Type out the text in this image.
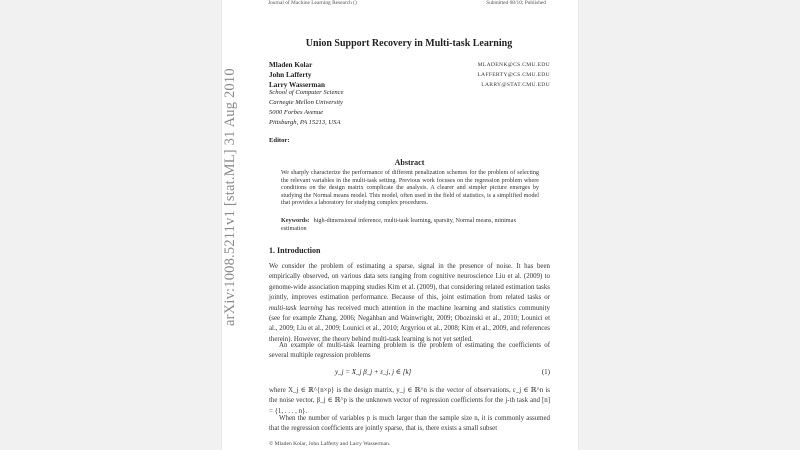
Journal of Machine Learning Research ()	Submitted 08/10; Published
arXiv:1008.5211v1 [stat.ML] 31 Aug 2010
Union Support Recovery in Multi-task Learning
Mladen Kolar	MLADENK@CS.CMU.EDU
John Lafferty	LAFFERTY@CS.CMU.EDU
Larry Wasserman	LARRY@STAT.CMU.EDU
School of Computer Science
Carnegie Mellon University
5000 Forbes Avenue
Pittsburgh, PA 15213, USA
Editor:
Abstract
We sharply characterize the performance of different penalization schemes for the problem of selecting the relevant variables in the multi-task setting. Previous work focuses on the regression problem where conditions on the design matrix complicate the analysis. A clearer and simpler picture emerges by studying the Normal means model. This model, often used in the field of statistics, is a simplified model that provides a laboratory for studying complex procedures.
Keywords: high-dimensional inference, multi-task learning, sparsity, Normal means, minimax estimation
1. Introduction
We consider the problem of estimating a sparse, signal in the presence of noise. It has been empirically observed, on various data sets ranging from cognitive neuroscience Liu et al. (2009) to genome-wide association mapping studies Kim et al. (2009), that considering related estimation tasks jointly, improves estimation performance. Because of this, joint estimation from related tasks or multi-task learning has received much attention in the machine learning and statistics community (see for example Zhang, 2006; Negahban and Wainwright, 2009; Obozinski et al., 2010; Lounici et al., 2009; Liu et al., 2009; Lounici et al., 2010; Argyriou et al., 2008; Kim et al., 2009, and references therein). However, the theory behind multi-task learning is not yet settled.
An example of multi-task learning problem is the problem of estimating the coefficients of several multiple regression problems
y_j = X_j β_j + ε_j, j ∈ [k]	(1)
where X_j ∈ ℝ^{n×p} is the design matrix, y_j ∈ ℝ^n is the vector of observations, ε_j ∈ ℝ^n is the noise vector, β_j ∈ ℝ^p is the unknown vector of regression coefficients for the j-th task and [n] = {1, . . . , n}.
When the number of variables p is much larger than the sample size n, it is commonly assumed that the regression coefficients are jointly sparse, that is, there exists a small subset
© Mladen Kolar, John Lafferty and Larry Wasserman.
